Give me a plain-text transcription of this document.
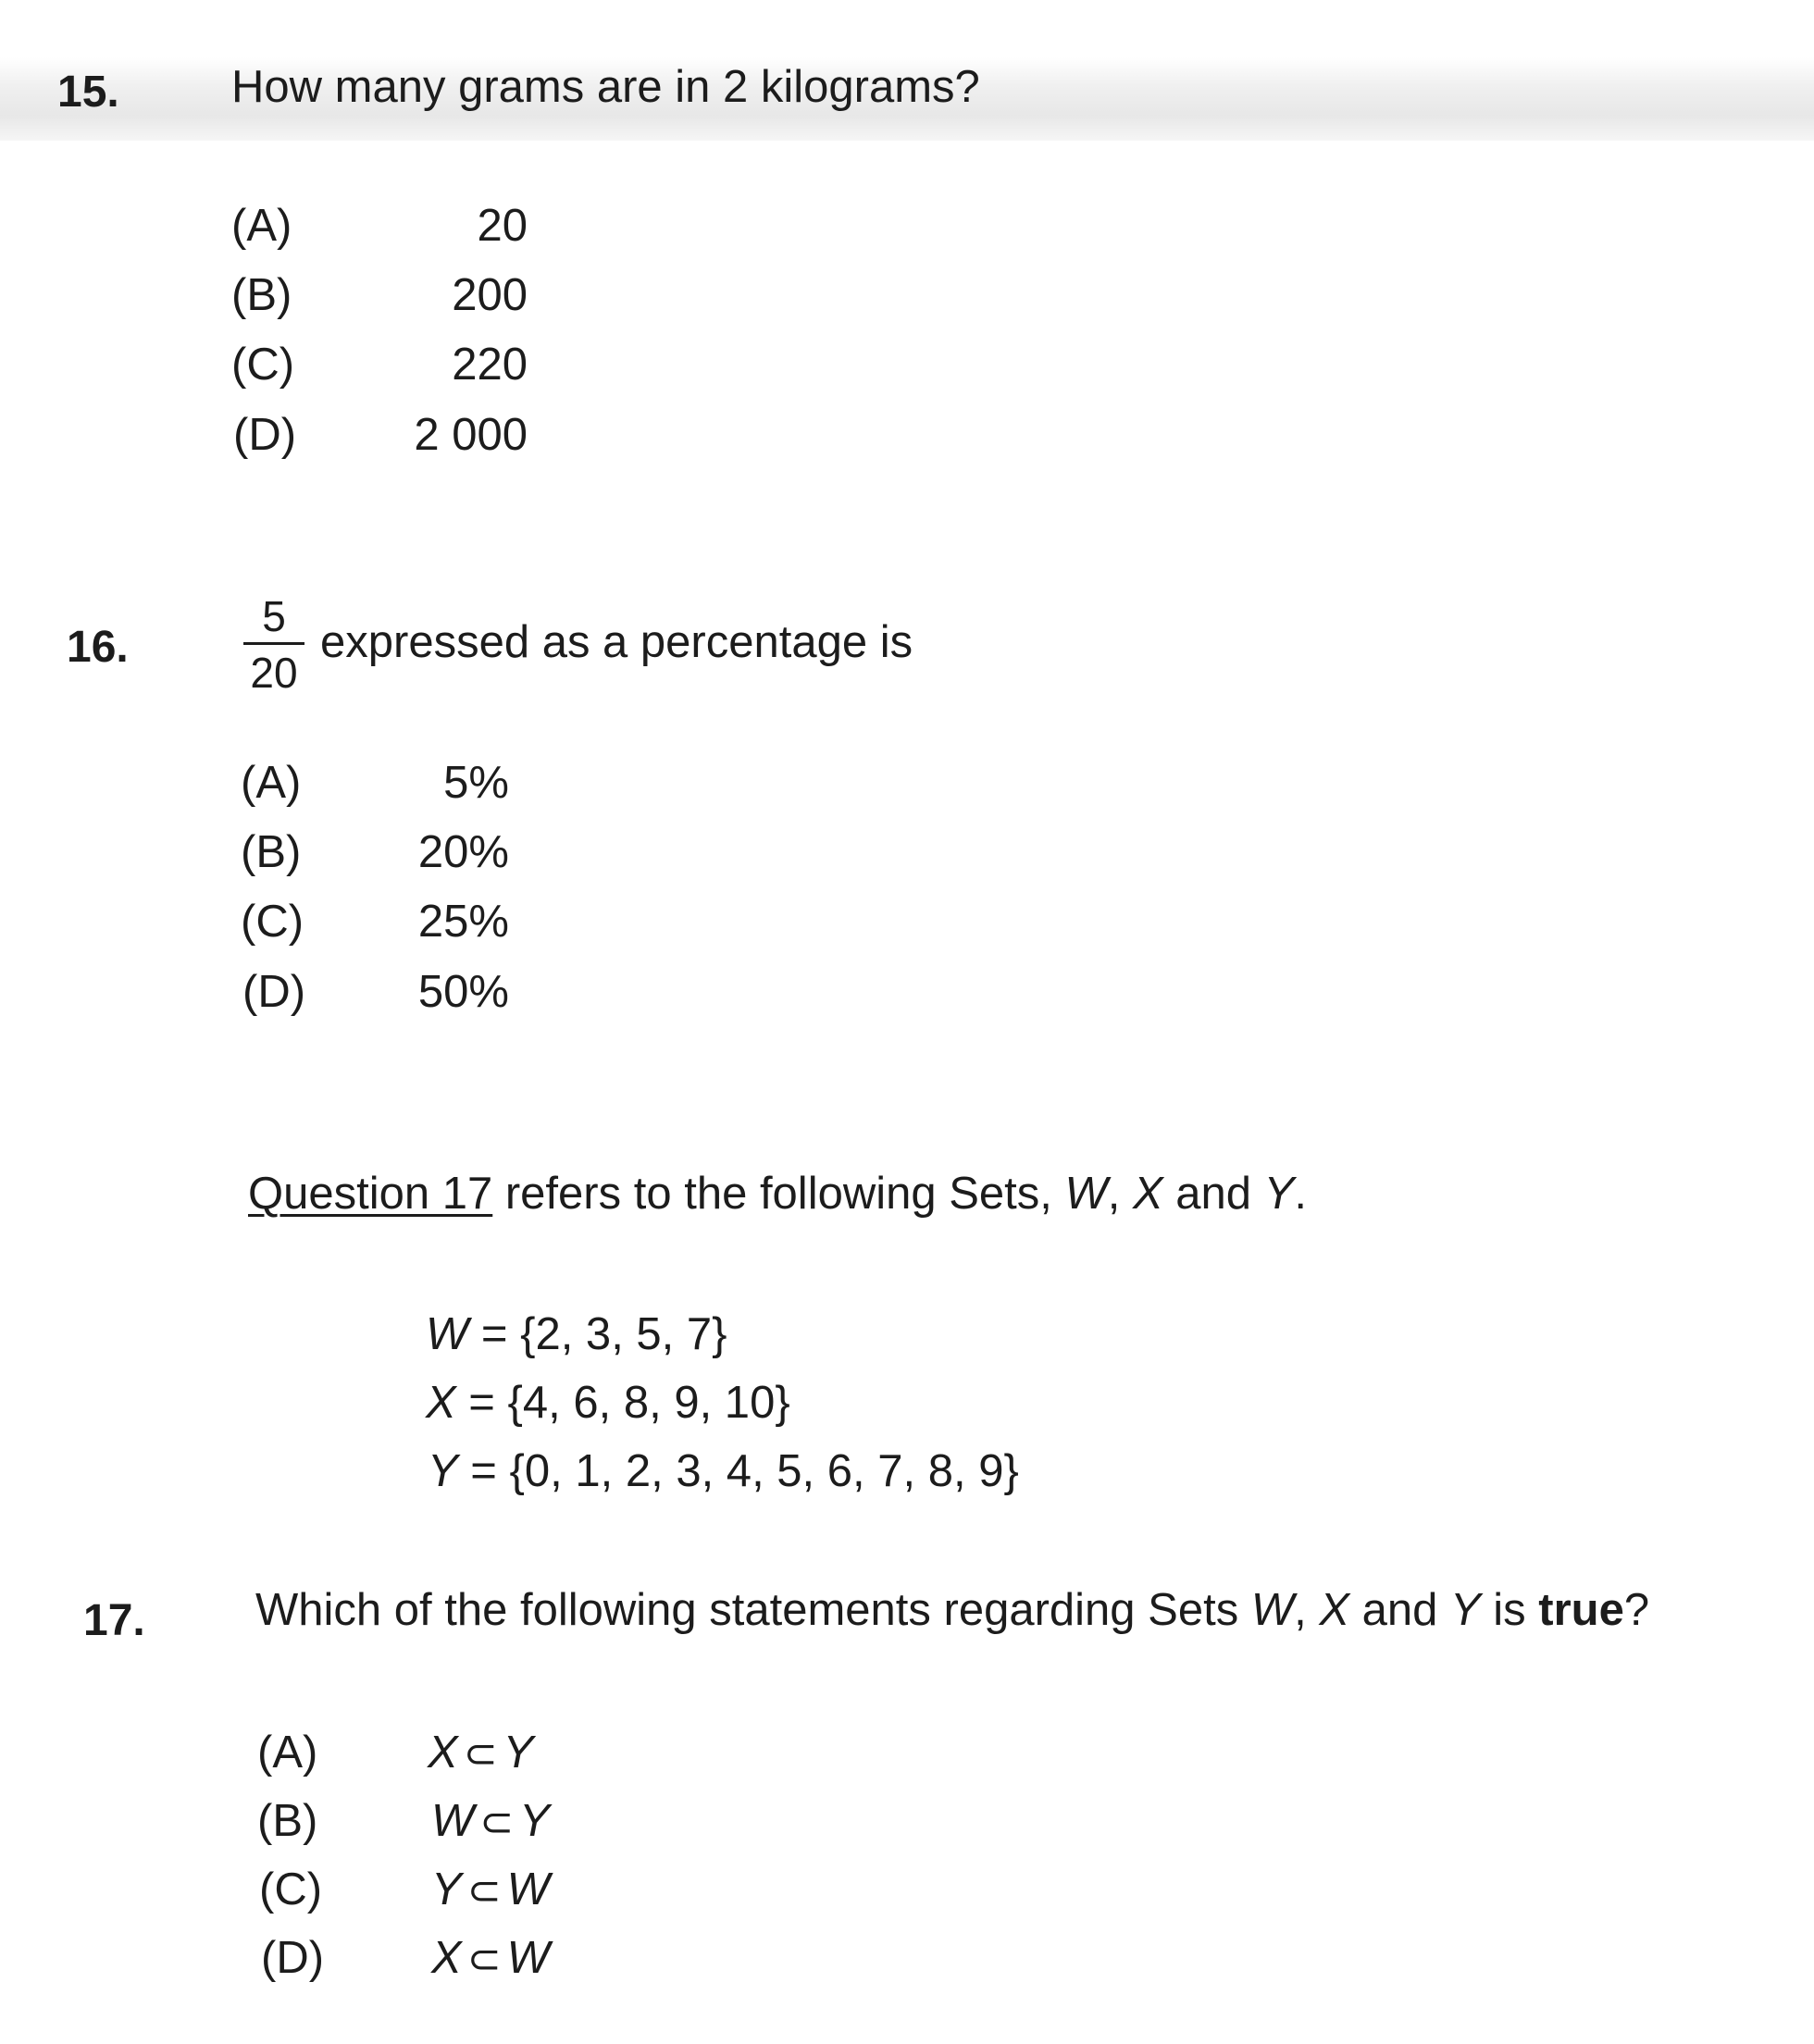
15. How many grams are in 2 kilograms?
(A)	20
(B)	200
(C)	220
(D)	2 000
16.
5
20
expressed as a percentage is
(A)	5%
(B)	20%
(C)	25%
(D)	50%
Question 17 refers to the following Sets, W, X and Y.
W = {2, 3, 5, 7}
X = {4, 6, 8, 9, 10}
Y = {0, 1, 2, 3, 4, 5, 6, 7, 8, 9}
17. Which of the following statements regarding Sets W, X and Y is true?
(A) X ⊂ Y
(B)	W ⊂ Y
(C) Y ⊂ W
(D) X ⊂ W
